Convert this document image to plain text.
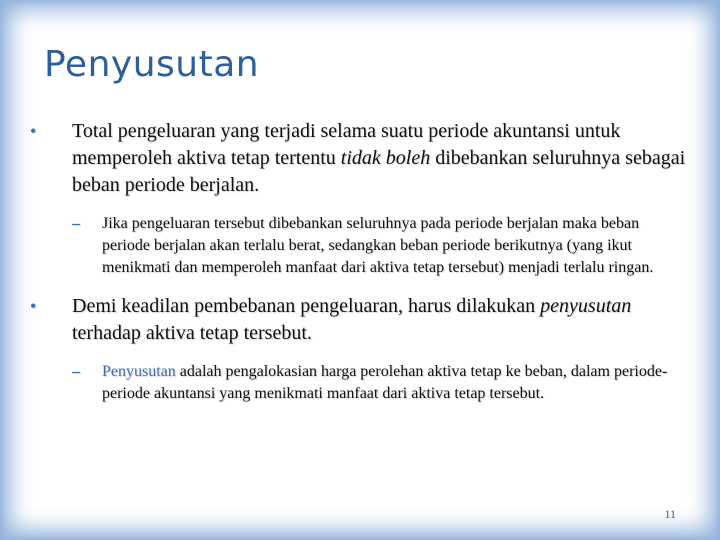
Penyusutan
• Total pengeluaran yang terjadi selama suatu periode akuntansi untuk memperoleh aktiva tetap tertentu tidak boleh dibebankan seluruhnya sebagai beban periode berjalan.
– Jika pengeluaran tersebut dibebankan seluruhnya pada periode berjalan maka beban periode berjalan akan terlalu berat, sedangkan beban periode berikutnya (yang ikut menikmati dan memperoleh manfaat dari aktiva tetap tersebut) menjadi terlalu ringan.
• Demi keadilan pembebanan pengeluaran, harus dilakukan penyusutan terhadap aktiva tetap tersebut.
– Penyusutan adalah pengalokasian harga perolehan aktiva tetap ke beban, dalam periode-periode akuntansi yang menikmati manfaat dari aktiva tetap tersebut.
11
